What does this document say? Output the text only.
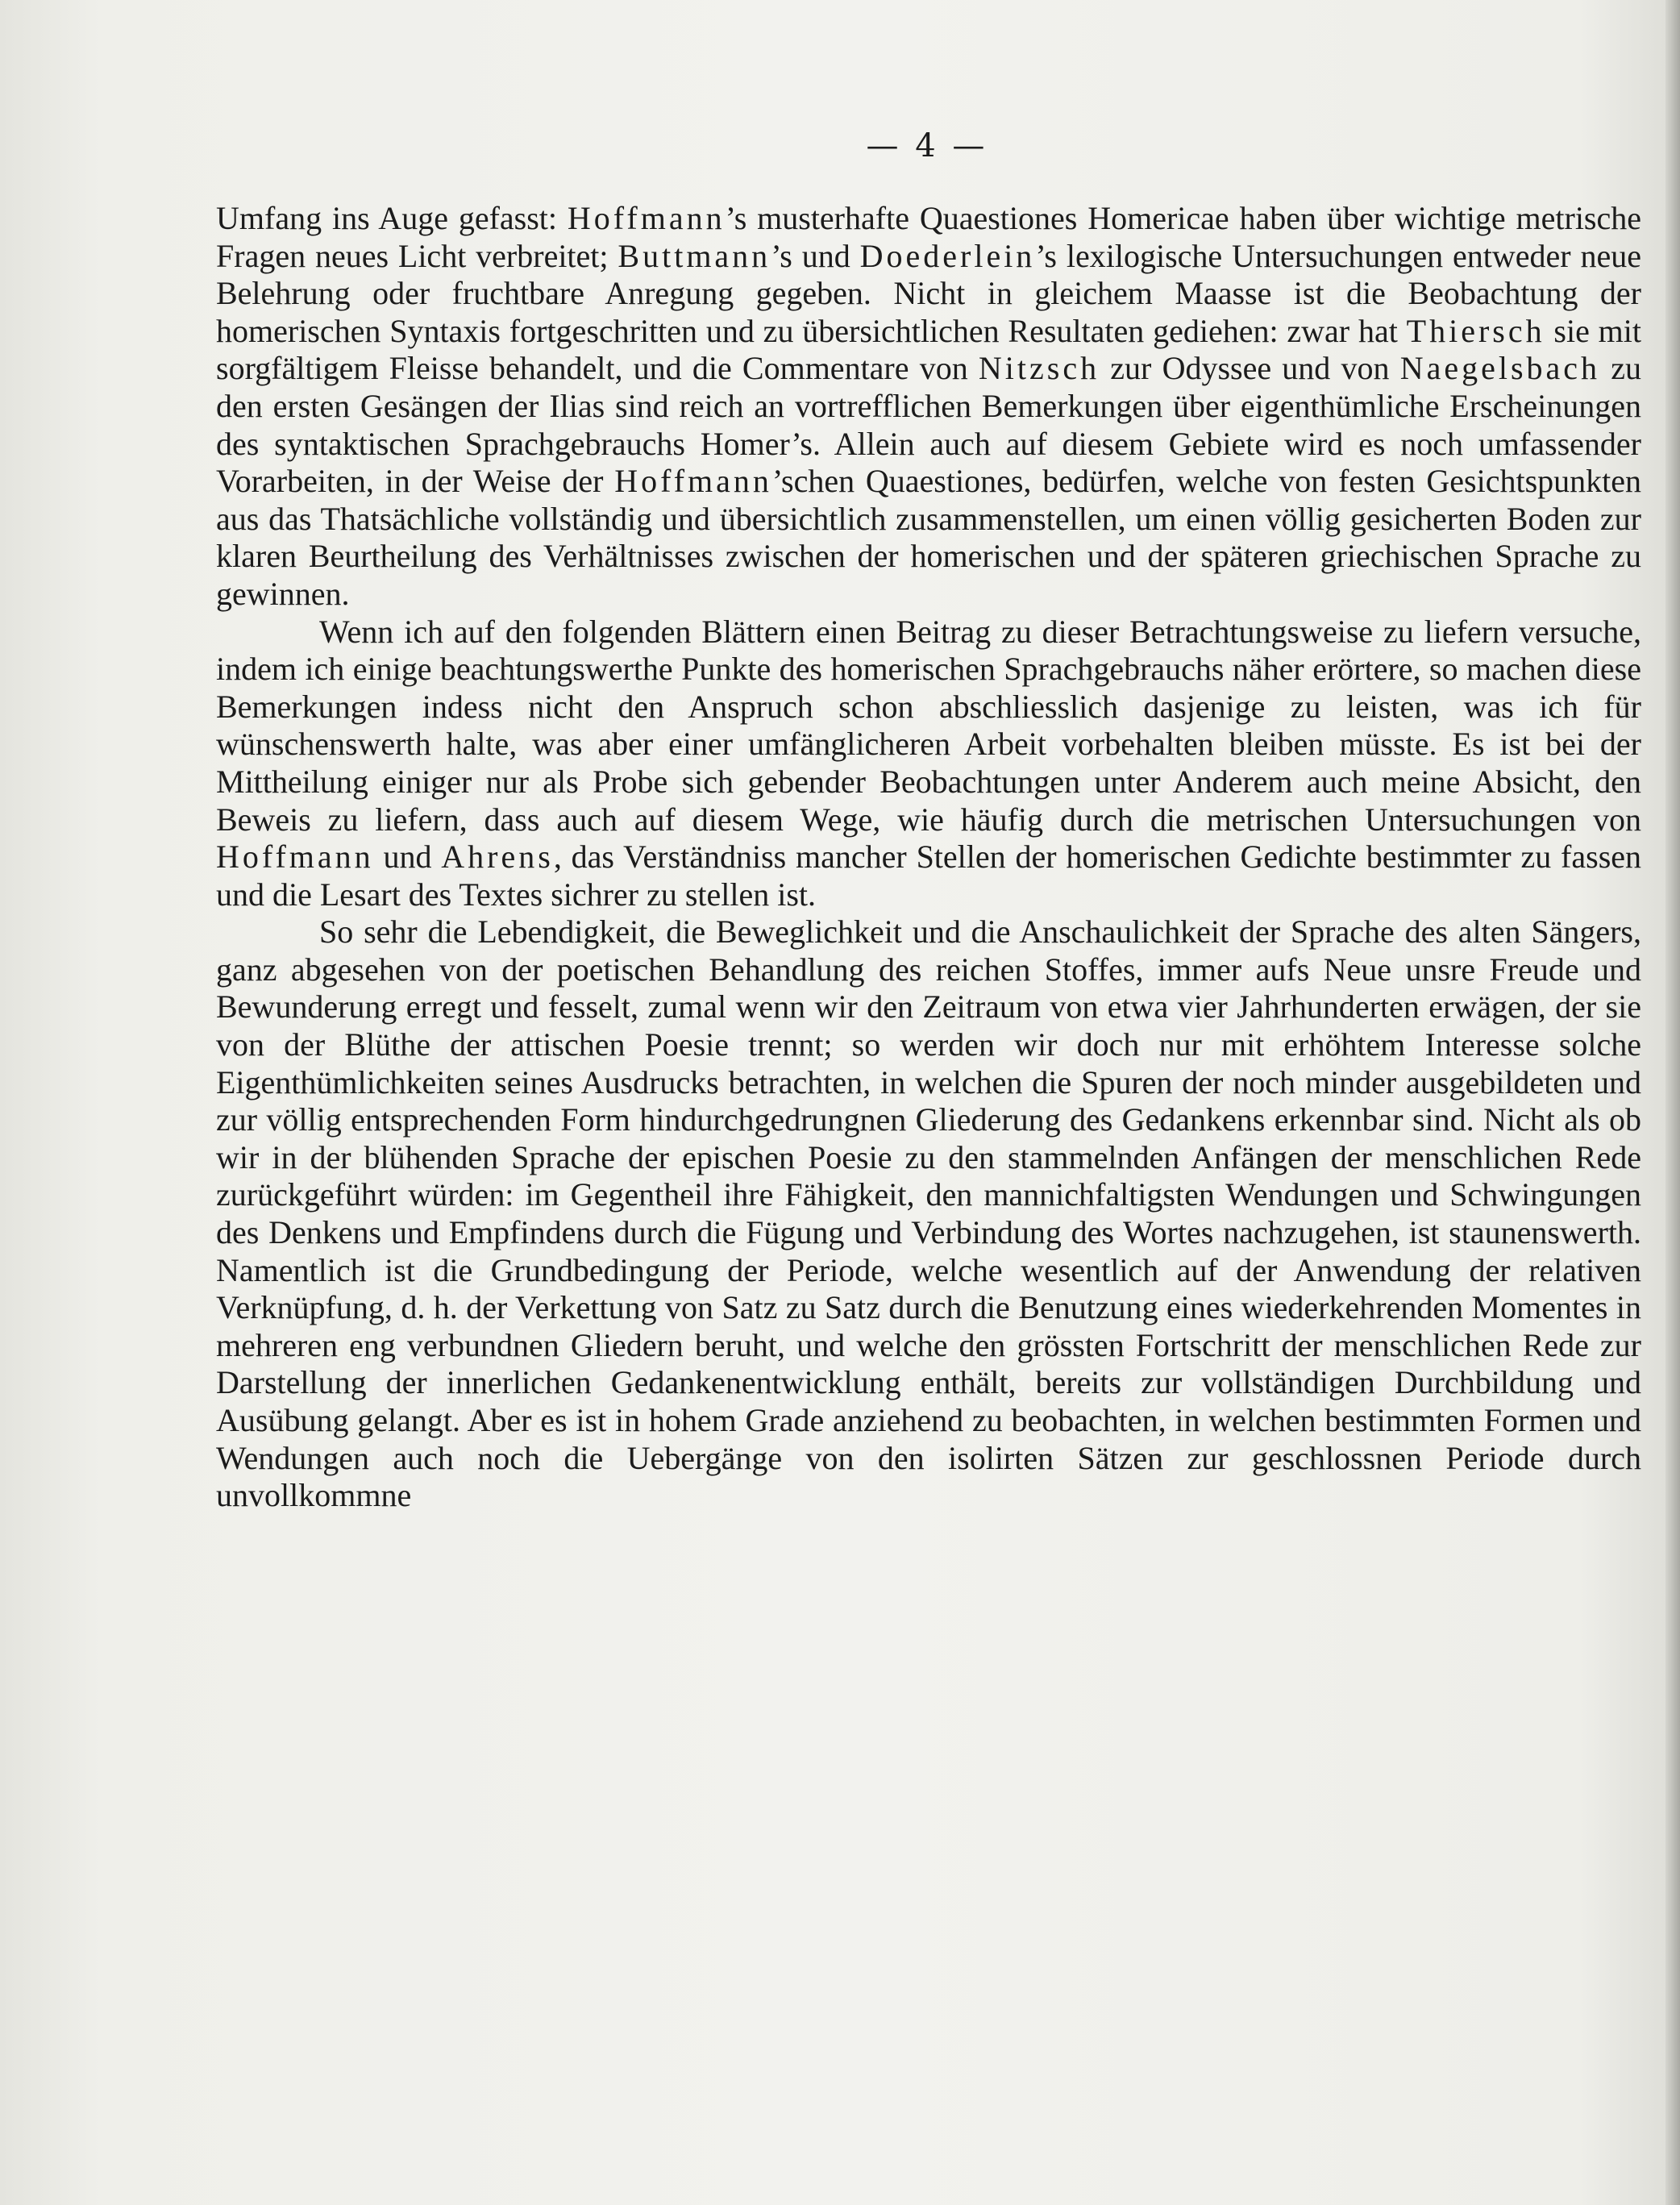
— 4 —

Umfang ins Auge gefasst: Hoffmann’s musterhafte Quaestiones Homericae haben über wichtige metrische Fragen neues Licht verbreitet; Buttmann’s und Doederlein’s lexilogische Untersuchungen entweder neue Belehrung oder fruchtbare Anregung gegeben. Nicht in gleichem Maasse ist die Beobachtung der homerischen Syntaxis fortgeschritten und zu übersichtlichen Resultaten gediehen: zwar hat Thiersch sie mit sorgfältigem Fleisse behandelt, und die Commentare von Nitzsch zur Odyssee und von Naegelsbach zu den ersten Gesängen der Ilias sind reich an vortrefflichen Bemerkungen über eigenthümliche Erscheinungen des syntaktischen Sprachgebrauchs Homer’s. Allein auch auf diesem Gebiete wird es noch umfassender Vorarbeiten, in der Weise der Hoffmann’schen Quaestiones, bedürfen, welche von festen Gesichtspunkten aus das Thatsächliche vollständig und übersichtlich zusammenstellen, um einen völlig gesicherten Boden zur klaren Beurtheilung des Verhältnisses zwischen der homerischen und der späteren griechischen Sprache zu gewinnen.

Wenn ich auf den folgenden Blättern einen Beitrag zu dieser Betrachtungsweise zu liefern versuche, indem ich einige beachtungswerthe Punkte des homerischen Sprachgebrauchs näher erörtere, so machen diese Bemerkungen indess nicht den Anspruch schon abschliesslich dasjenige zu leisten, was ich für wünschenswerth halte, was aber einer umfänglicheren Arbeit vorbehalten bleiben müsste. Es ist bei der Mittheilung einiger nur als Probe sich gebender Beobachtungen unter Anderem auch meine Absicht, den Beweis zu liefern, dass auch auf diesem Wege, wie häufig durch die metrischen Untersuchungen von Hoffmann und Ahrens, das Verständniss mancher Stellen der homerischen Gedichte bestimmter zu fassen und die Lesart des Textes sichrer zu stellen ist.

So sehr die Lebendigkeit, die Beweglichkeit und die Anschaulichkeit der Sprache des alten Sängers, ganz abgesehen von der poetischen Behandlung des reichen Stoffes, immer aufs Neue unsre Freude und Bewunderung erregt und fesselt, zumal wenn wir den Zeitraum von etwa vier Jahrhunderten erwägen, der sie von der Blüthe der attischen Poesie trennt; so werden wir doch nur mit erhöhtem Interesse solche Eigenthümlichkeiten seines Ausdrucks betrachten, in welchen die Spuren der noch minder ausgebildeten und zur völlig entsprechenden Form hindurchgedrungnen Gliederung des Gedankens erkennbar sind. Nicht als ob wir in der blühenden Sprache der epischen Poesie zu den stammelnden Anfängen der menschlichen Rede zurückgeführt würden: im Gegentheil ihre Fähigkeit, den mannichfaltigsten Wendungen und Schwingungen des Denkens und Empfindens durch die Fügung und Verbindung des Wortes nachzugehen, ist staunenswerth. Namentlich ist die Grundbedingung der Periode, welche wesentlich auf der Anwendung der relativen Verknüpfung, d. h. der Verkettung von Satz zu Satz durch die Benutzung eines wiederkehrenden Momentes in mehreren eng verbundnen Gliedern beruht, und welche den grössten Fortschritt der menschlichen Rede zur Darstellung der innerlichen Gedankenentwicklung enthält, bereits zur vollständigen Durchbildung und Ausübung gelangt. Aber es ist in hohem Grade anziehend zu beobachten, in welchen bestimmten Formen und Wendungen auch noch die Uebergänge von den isolirten Sätzen zur geschlossnen Periode durch unvollkommne
